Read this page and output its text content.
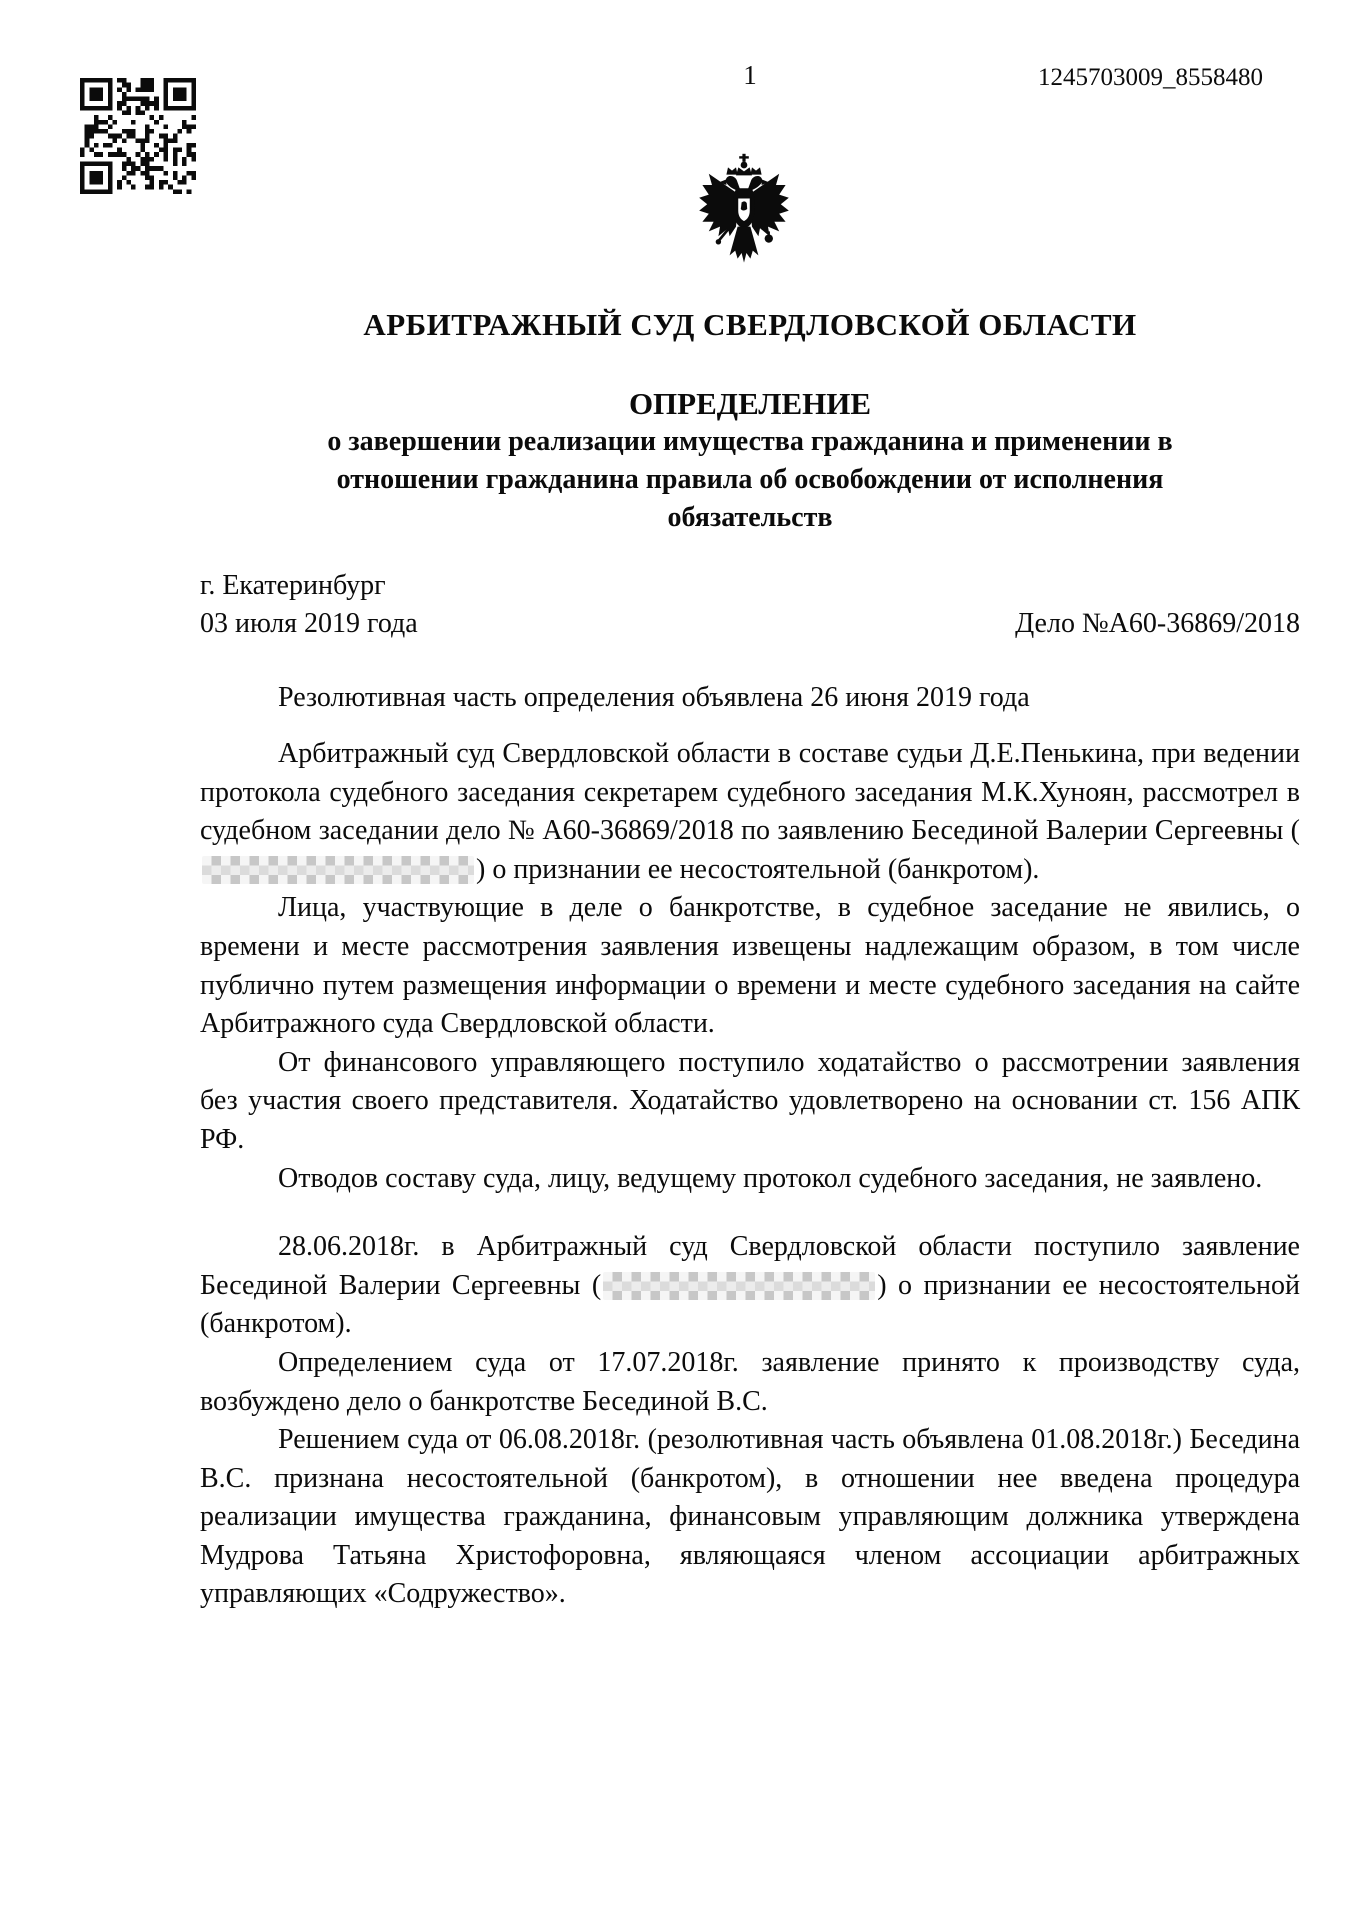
1	1245703009_8558480
АРБИТРАЖНЫЙ СУД СВЕРДЛОВСКОЙ ОБЛАСТИ
ОПРЕДЕЛЕНИЕ
о завершении реализации имущества гражданина и применении в
отношении гражданина правила об освобождении от исполнения
обязательств
г. Екатеринбург
03 июля 2019 года	Дело №А60-36869/2018
Резолютивная часть определения объявлена 26 июня 2019 года

Арбитражный суд Свердловской области в составе судьи Д.Е.Пенькина, при ведении протокола судебного заседания секретарем судебного заседания М.К.Хуноян, рассмотрел в судебном заседании дело № А60-36869/2018 по заявлению Бесединой Валерии Сергеевны () о признании ее несостоятельной (банкротом).

Лица, участвующие в деле о банкротстве, в судебное заседание не явились, о времени и месте рассмотрения заявления извещены надлежащим образом, в том числе публично путем размещения информации о времени и месте судебного заседания на сайте Арбитражного суда Свердловской области.

От финансового управляющего поступило ходатайство о рассмотрении заявления без участия своего представителя. Ходатайство удовлетворено на основании ст. 156 АПК РФ.

Отводов составу суда, лицу, ведущему протокол судебного заседания, не заявлено.

28.06.2018г. в Арбитражный суд Свердловской области поступило заявление Бесединой Валерии Сергеевны (	) о признании ее несостоятельной (банкротом).

Определением суда от 17.07.2018г. заявление принято к производству суда, возбуждено дело о банкротстве Бесединой В.С.

Решением суда от 06.08.2018г. (резолютивная часть объявлена 01.08.2018г.) Беседина В.С. признана несостоятельной (банкротом), в отношении нее введена процедура реализации имущества гражданина, финансовым управляющим должника утверждена Мудрова Татьяна Христофоровна, являющаяся членом ассоциации арбитражных управляющих «Содружество».
